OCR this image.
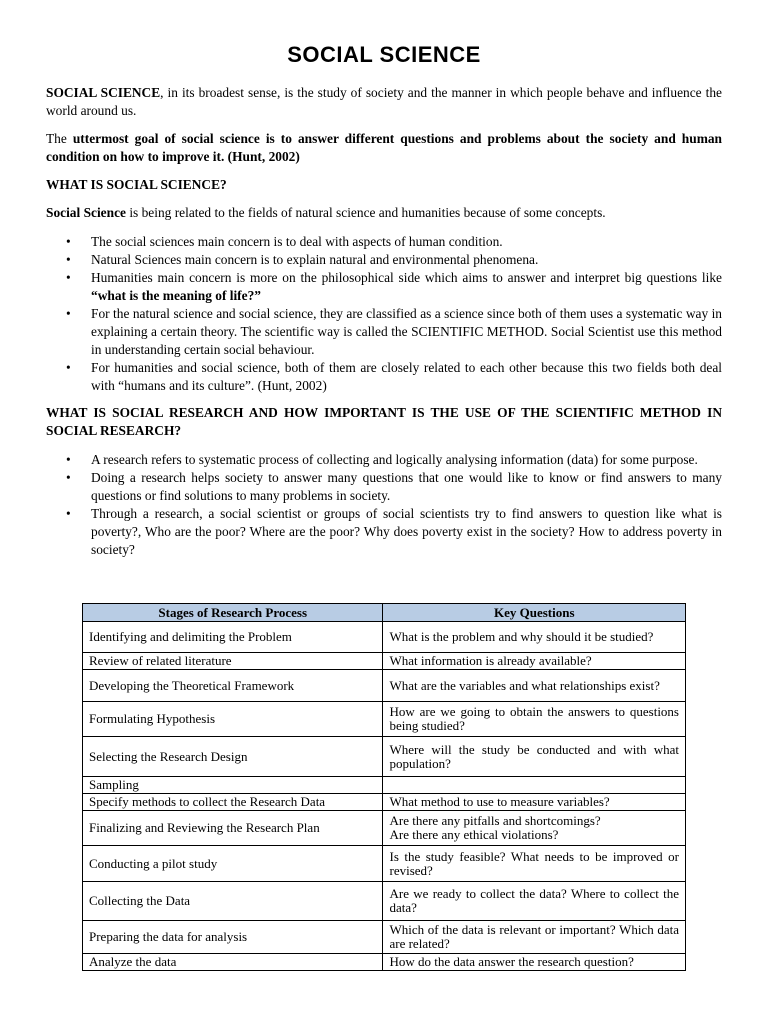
SOCIAL SCIENCE

SOCIAL SCIENCE, in its broadest sense, is the study of society and the manner in which people behave and influence the world around us.

The uttermost goal of social science is to answer different questions and problems about the society and human condition on how to improve it. (Hunt, 2002)

WHAT IS SOCIAL SCIENCE?

Social Science is being related to the fields of natural science and humanities because of some concepts.

• The social sciences main concern is to deal with aspects of human condition.
• Natural Sciences main concern is to explain natural and environmental phenomena.
• Humanities main concern is more on the philosophical side which aims to answer and interpret big questions like “what is the meaning of life?”
• For the natural science and social science, they are classified as a science since both of them uses a systematic way in explaining a certain theory. The scientific way is called the SCIENTIFIC METHOD. Social Scientist use this method in understanding certain social behaviour.
• For humanities and social science, both of them are closely related to each other because this two fields both deal with “humans and its culture”. (Hunt, 2002)
WHAT IS SOCIAL RESEARCH AND HOW IMPORTANT IS THE USE OF THE SCIENTIFIC METHOD IN SOCIAL RESEARCH?
• A research refers to systematic process of collecting and logically analysing information (data) for some purpose.
• Doing a research helps society to answer many questions that one would like to know or find answers to many questions or find solutions to many problems in society.
• Through a research, a social scientist or groups of social scientists try to find answers to question like what is poverty?, Who are the poor? Where are the poor? Why does poverty exist in the society? How to address poverty in society?
Stages of Research Process	Key Questions
Identifying and delimiting the Problem	What is the problem and why should it be studied?
Review of related literature	What information is already available?
Developing the Theoretical Framework	What are the variables and what relationships exist?
Formulating Hypothesis	How are we going to obtain the answers to questions being studied?
Selecting the Research Design	Where will the study be conducted and with what population?
Sampling	
Specify methods to collect the Research Data	What method to use to measure variables?
Finalizing and Reviewing the Research Plan	Are there any pitfalls and shortcomings?
Are there any ethical violations?
Conducting a pilot study	Is the study feasible? What needs to be improved or revised?
Collecting the Data	Are we ready to collect the data? Where to collect the data?
Preparing the data for analysis	Which of the data is relevant or important? Which data are related?
Analyze the data	How do the data answer the research question?
